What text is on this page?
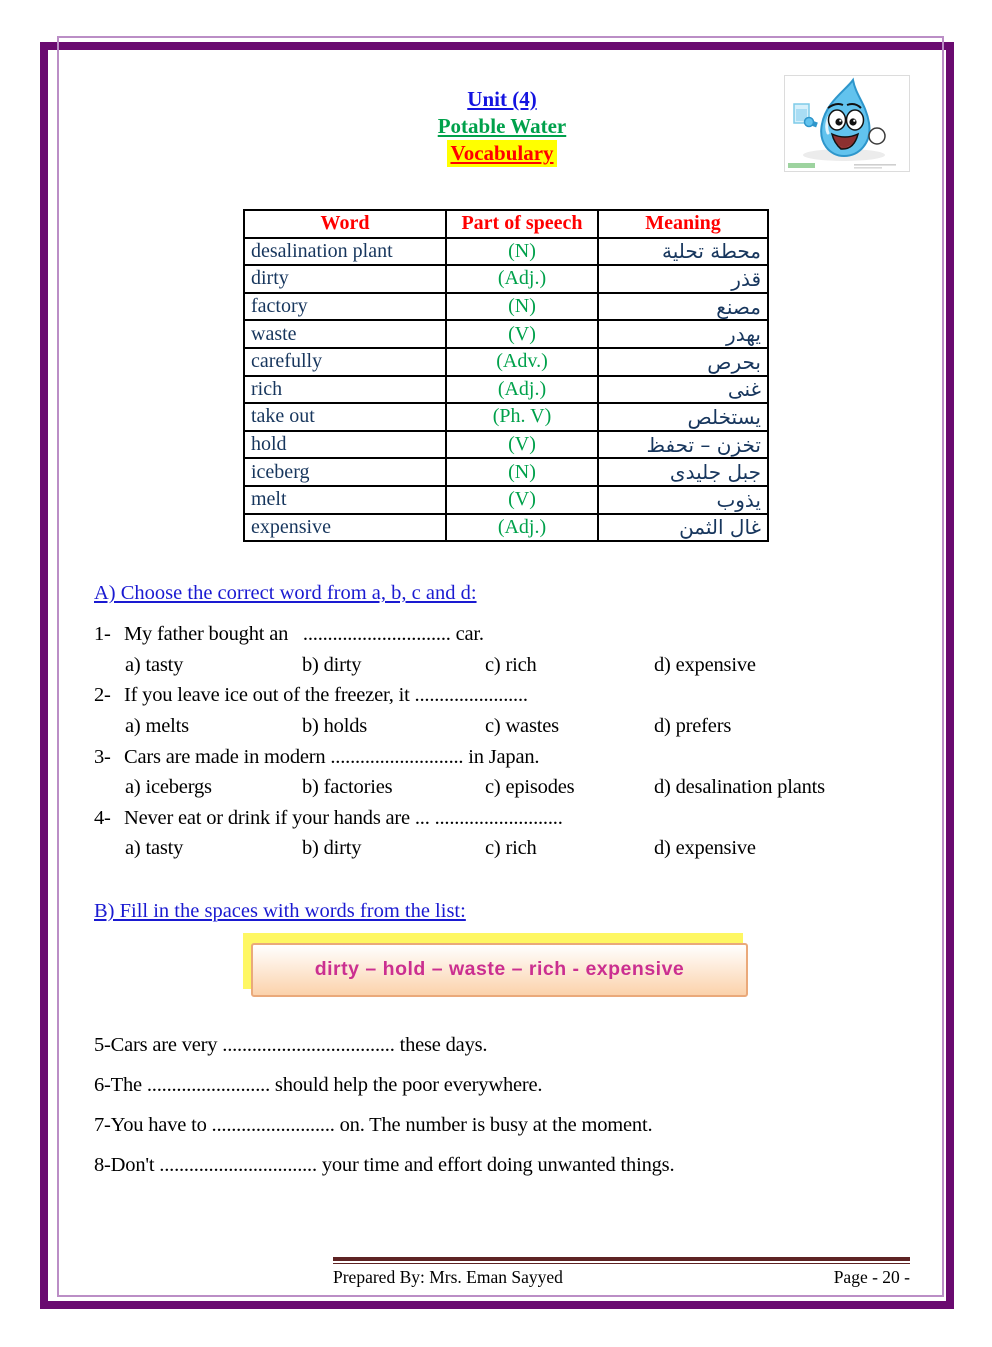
Unit (4)
Potable Water
Vocabulary
Word	Part of speech	Meaning
desalination plant	(N)	محطة تحلية
dirty	(Adj.)	قذر
factory	(N)	مصنع
waste	(V)	يهدر
carefully	(Adv.)	بحرص
rich	(Adj.)	غنى
take out	(Ph. V)	يستخلص
hold	(V)	تخزن – تحفظ
iceberg	(N)	جبل جليدى
melt	(V)	يذوب
expensive	(Adj.)	غال الثمن
A) Choose the correct word from a, b, c and d:
1- My father bought an   .............................. car.
a) tasty	b) dirty	c) rich	d) expensive
2- If you leave ice out of the freezer, it .......................
a) melts	b) holds	c) wastes	d) prefers
3- Cars are made in modern ........................... in Japan.
a) icebergs	b) factories	c) episodes	d) desalination plants
4- Never eat or drink if your hands are ... ..........................
a) tasty	b) dirty	c) rich	d) expensive
B) Fill in the spaces with words from the list:
dirty – hold – waste – rich - expensive

5-Cars are very ................................... these days.

6-The ......................... should help the poor everywhere.

7-You have to ......................... on. The number is busy at the moment.

8-Don't ................................ your time and effort doing unwanted things.

Prepared By: Mrs. Eman Sayyed	Page - 20 -
